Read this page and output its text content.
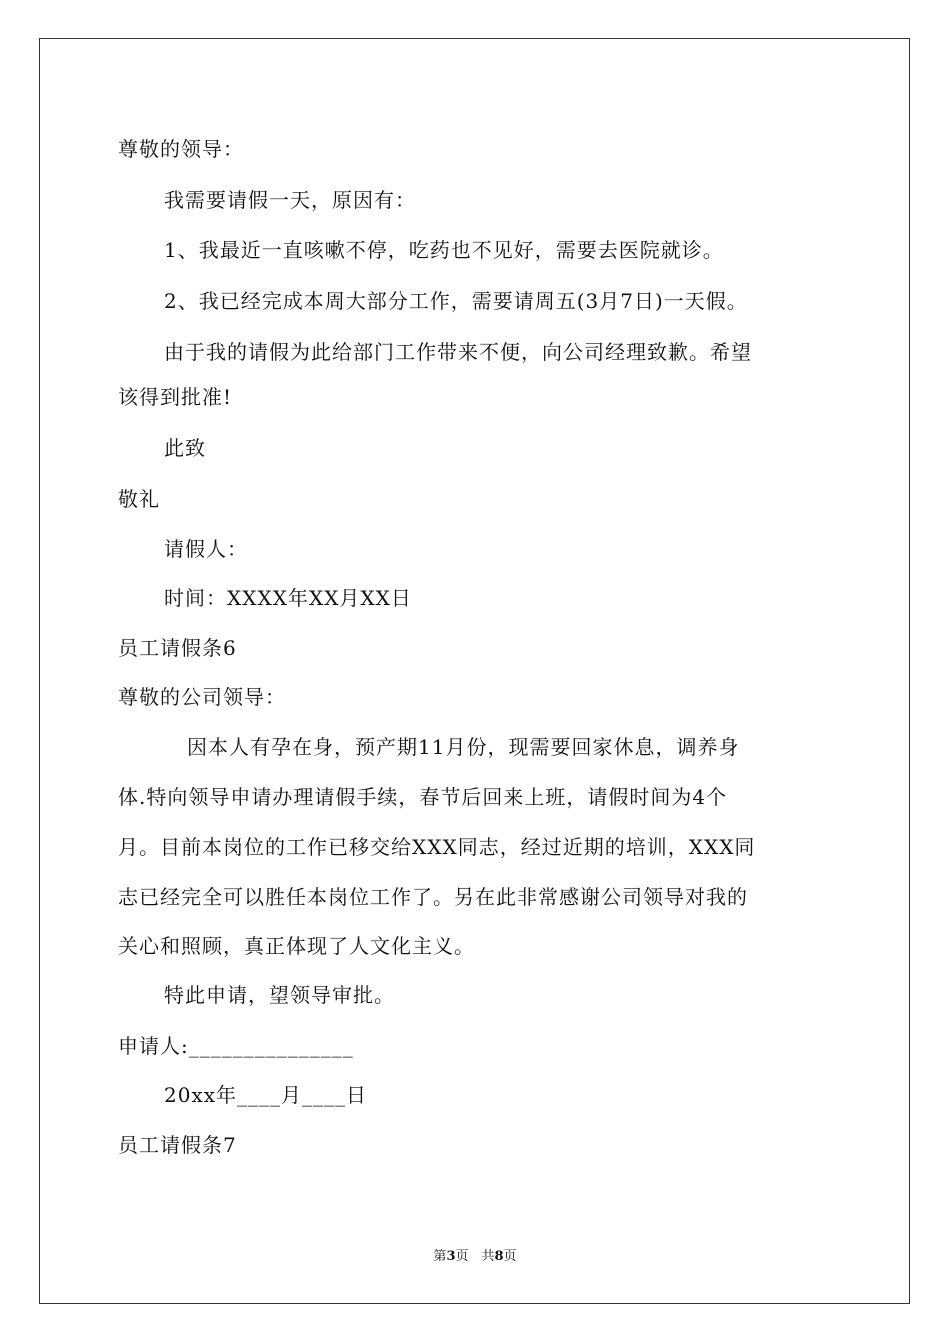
尊敬的领导：
我需要请假一天，原因有：
1、我最近一直咳嗽不停，吃药也不见好，需要去医院就诊。
2、我已经完成本周大部分工作，需要请周五(3月7日)一天假。
由于我的请假为此给部门工作带来不便，向公司经理致歉。希望
该得到批准!
此致
敬礼
请假人：
时间：XXXX年XX月XX日
员工请假条6
尊敬的公司领导：
因本人有孕在身，预产期11月份，现需要回家休息，调养身
体.特向领导申请办理请假手续，春节后回来上班，请假时间为4个
月。目前本岗位的工作已移交给XXX同志，经过近期的培训，XXX同
志已经完全可以胜任本岗位工作了。另在此非常感谢公司领导对我的
关心和照顾，真正体现了人文化主义。
特此申请，望领导审批。
申请人:_______________
20xx年____月____日
员工请假条7
第3页　共8页
